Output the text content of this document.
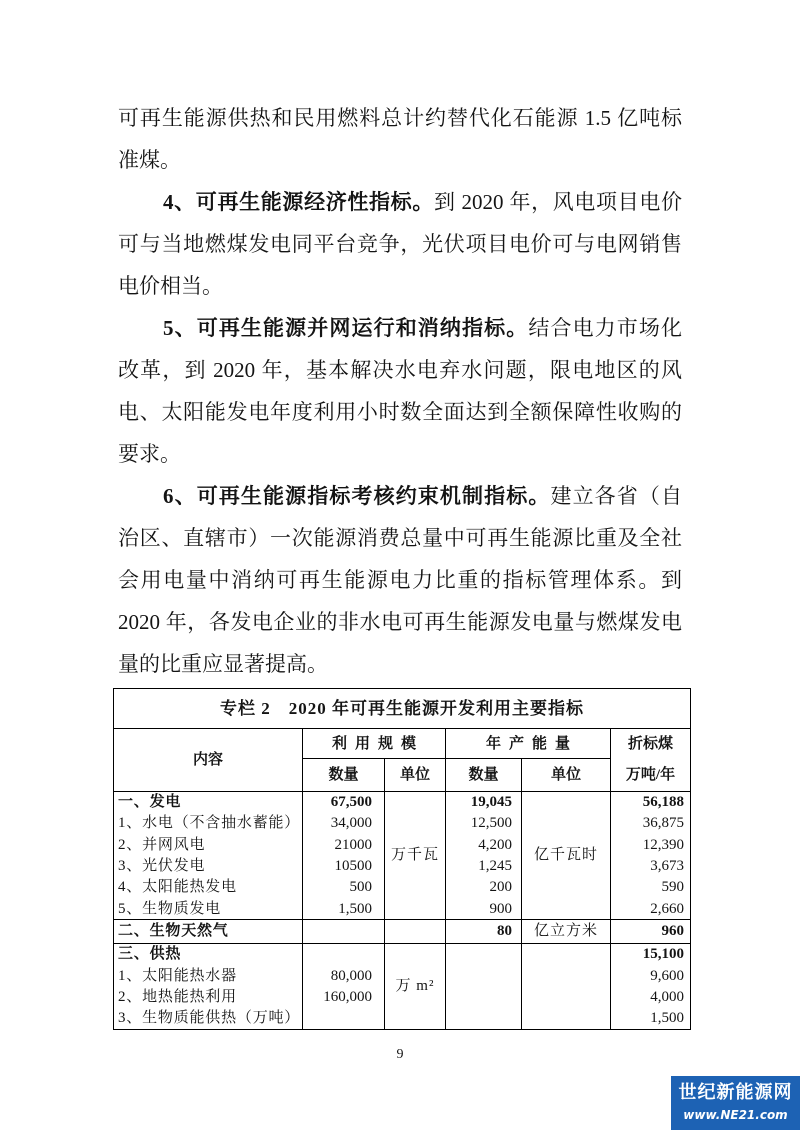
可再生能源供热和民用燃料总计约替代化石能源 1.5 亿吨标
准煤。
4、可再生能源经济性指标。到 2020 年，风电项目电价
可与当地燃煤发电同平台竞争，光伏项目电价可与电网销售
电价相当。
5、可再生能源并网运行和消纳指标。结合电力市场化
改革，到 2020 年，基本解决水电弃水问题，限电地区的风
电、太阳能发电年度利用小时数全面达到全额保障性收购的
要求。
6、可再生能源指标考核约束机制指标。建立各省（自
治区、直辖市）一次能源消费总量中可再生能源比重及全社
会用电量中消纳可再生能源电力比重的指标管理体系。到
2020 年，各发电企业的非水电可再生能源发电量与燃煤发电
量的比重应显著提高。
专栏 2 2020 年可再生能源开发利用主要指标					
内容	利用规模		年产能量		折标煤
万吨/年

	数量	单位	数量	单位	
一、发电	67,500	万千瓦	19,045	亿千瓦时	56,188
1、水电（不含抽水蓄能）	34,000		12,500		36,875
2、并网风电	21000		4,200		12,390
3、光伏发电	10500		1,245		3,673
4、太阳能热发电	500		200		590
5、生物质发电	1,500		900		2,660
二、生物天然气			80	亿立方米	960
三、供热		万 m²			15,100
1、太阳能热水器	80,000				9,600
2、地热能热利用	160,000				4,000
3、生物质能供热（万吨）					1,500
9
世纪新能源网
www.NE21.com
